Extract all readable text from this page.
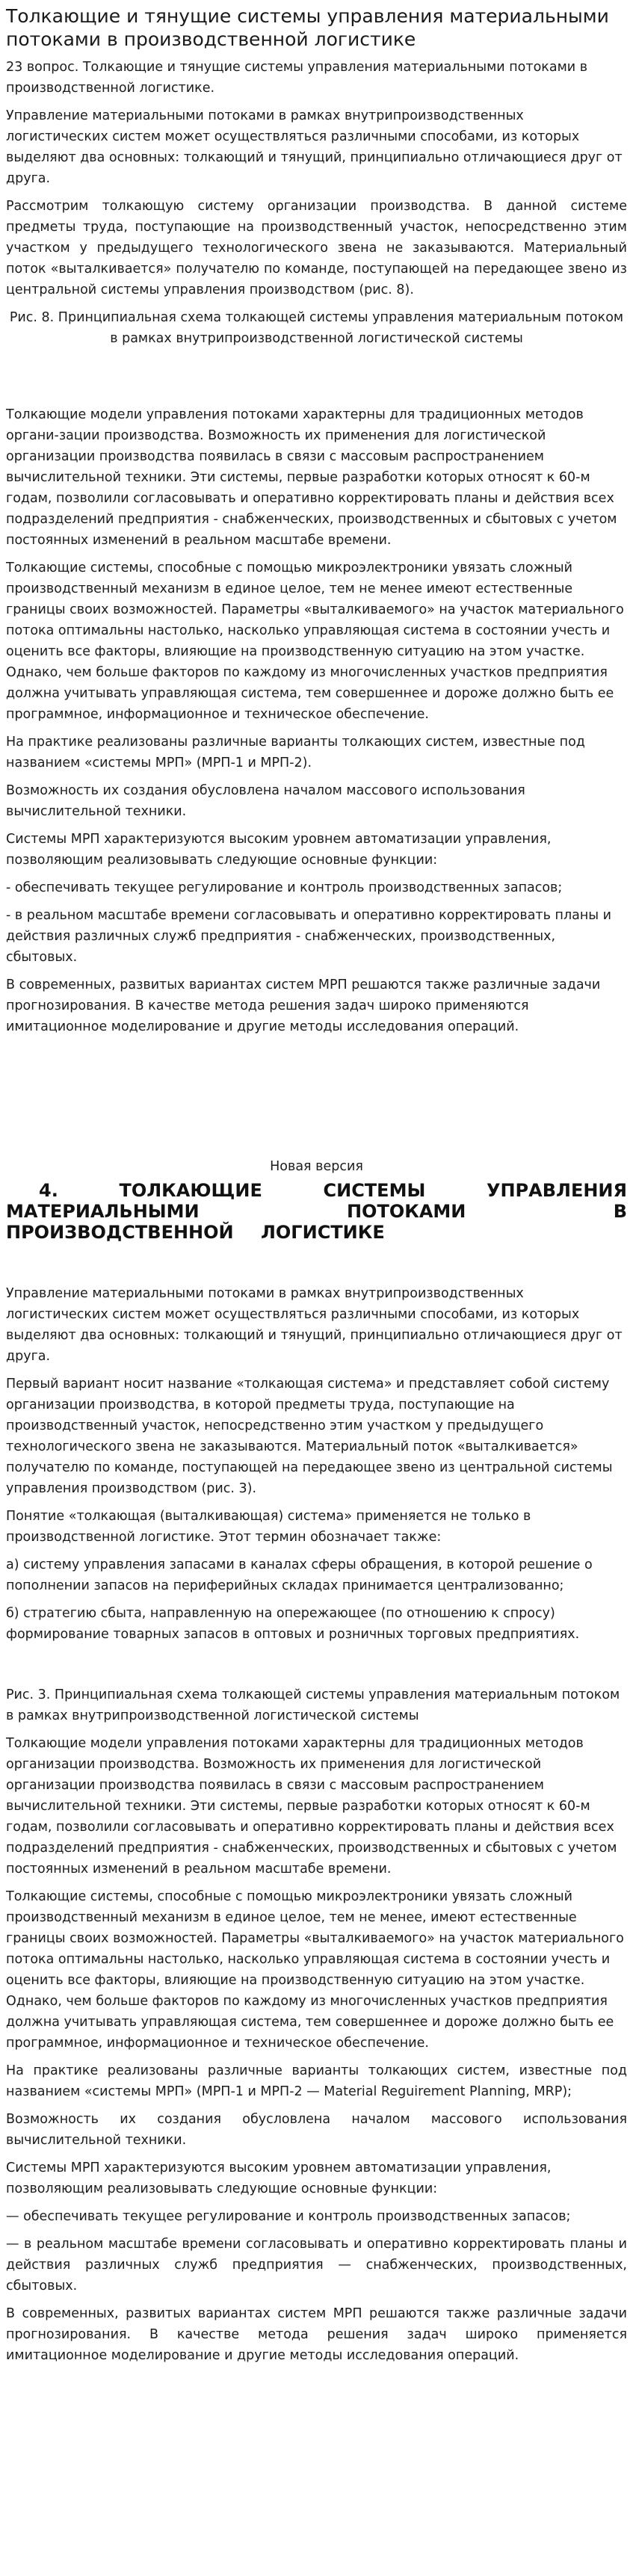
Толкающие и тянущие системы управления материальными потоками в производственной логистике

23 вопрос. Толкающие и тянущие системы управления материальными потоками в производственной логистике.

Управление материальными потоками в рамках внутрипроизводственных логистических систем может осуществляться различными способами, из которых выделяют два основных: толкающий и тянущий, принципиально отличающиеся друг от друга.

Рассмотрим толкающую систему организации производства. В данной системе предметы труда, поступающие на производственный участок, непосредственно этим участком у предыдущего технологического звена не заказываются. Материальный поток «выталкивается» получателю по команде, поступающей на передающее звено из центральной системы управления производством (рис. 8).

Рис. 8. Принципиальная схема толкающей системы управления материальным потоком в рамках внутрипроизводственной логистической системы

Толкающие модели управления потоками характерны для традиционных методов органи-зации производства. Возможность их применения для логистической организации производства появилась в связи с массовым распространением вычислительной техники. Эти системы, первые разработки которых относят к 60-м годам, позволили согласовывать и оперативно корректировать планы и действия всех подразделений предприятия - снабженческих, производственных и сбытовых с учетом постоянных изменений в реальном масштабе времени.

Толкающие системы, способные с помощью микроэлектроники увязать сложный производственный механизм в единое целое, тем не менее имеют естественные границы своих возможностей. Параметры «выталкиваемого» на участок материального потока оптимальны настолько, насколько управляющая система в состоянии учесть и оценить все факторы, влияющие на производственную ситуацию на этом участке. Однако, чем больше факторов по каждому из многочисленных участков предприятия должна учитывать управляющая система, тем совершеннее и дороже должно быть ее программное, информационное и техническое обеспечение.

На практике реализованы различные варианты толкающих систем, известные под названием «системы МРП» (МРП-1 и МРП-2).

Возможность их создания обусловлена началом массового использования вычислительной техники.

Системы МРП характеризуются высоким уровнем автоматизации управления, позволяющим реализовывать следующие основные функции:

- обеспечивать текущее регулирование и контроль производственных запасов;

- в реальном масштабе времени согласовывать и оперативно корректировать планы и действия различных служб предприятия - снабженческих, производственных, сбытовых.

В современных, развитых вариантах систем МРП решаются также различные задачи прогнозирования. В качестве метода решения задач широко применяются имитационное моделирование и другие методы исследования операций.

Новая версия
4. ТОЛКАЮЩИЕ СИСТЕМЫ УПРАВЛЕНИЯ МАТЕРИАЛЬНЫМИ ПОТОКАМИ В ПРОИЗВОДСТВЕННОЙ ЛОГИСТИКЕ

Управление материальными потоками в рамках внутрипроизводственных логистических систем может осуществляться различными способами, из которых выделяют два основных: толкающий и тянущий, принципиально отличающиеся друг от друга.

Первый вариант носит название «толкающая система» и представляет собой систему организации производства, в которой предметы труда, поступающие на производственный участок, непосредственно этим участком у предыдущего технологического звена не заказываются. Материальный поток «выталкивается» получателю по команде, поступающей на передающее звено из центральной системы управления производством (рис. 3).

Понятие «толкающая (выталкивающая) система» применяется не только в производственной логистике. Этот термин обозначает также:

а) систему управления запасами в каналах сферы обращения, в которой решение о пополнении запасов на периферийных складах принимается централизованно;

б) стратегию сбыта, направленную на опережающее (по отношению к спросу) формирование товарных запасов в оптовых и розничных торговых предприятиях.

Рис. 3. Принципиальная схема толкающей системы управления материальным потоком в рамках внутрипроизводственной логистической системы

Толкающие модели управления потоками характерны для традиционных методов организации производства. Возможность их применения для логистической организации производства появилась в связи с массовым распространением вычислительной техники. Эти системы, первые разработки которых относят к 60-м годам, позволили согласовывать и оперативно корректировать планы и действия всех подразделений предприятия - снабженческих, производственных и сбытовых с учетом постоянных изменений в реальном масштабе времени.

Толкающие системы, способные с помощью микроэлектроники увязать сложный производственный механизм в единое целое, тем не менее, имеют естественные границы своих возможностей. Параметры «выталкиваемого» на участок материального потока оптимальны настолько, насколько управляющая система в состоянии учесть и оценить все факторы, влияющие на производственную ситуацию на этом участке. Однако, чем больше факторов по каждому из многочисленных участков предприятия должна учитывать управляющая система, тем совершеннее и дороже должно быть ее программное, информационное и техническое обеспечение.

На практике реализованы различные варианты толкающих систем, известные под названием «системы МРП» (МРП-1 и МРП-2 — Material Reguirement Planning, MRP);

Возможность их создания обусловлена началом массового использования вычислительной техники.

Системы МРП характеризуются высоким уровнем автоматизации управления, позволяющим реализовывать следующие основные функции:

— обеспечивать текущее регулирование и контроль производственных запасов;

— в реальном масштабе времени согласовывать и оперативно корректировать планы и действия различных служб предприятия — снабженческих, производственных, сбытовых.

В современных, развитых вариантах систем МРП решаются также различные задачи прогнозирования. В качестве метода решения задач широко применяется имитационное моделирование и другие методы исследования операций.
